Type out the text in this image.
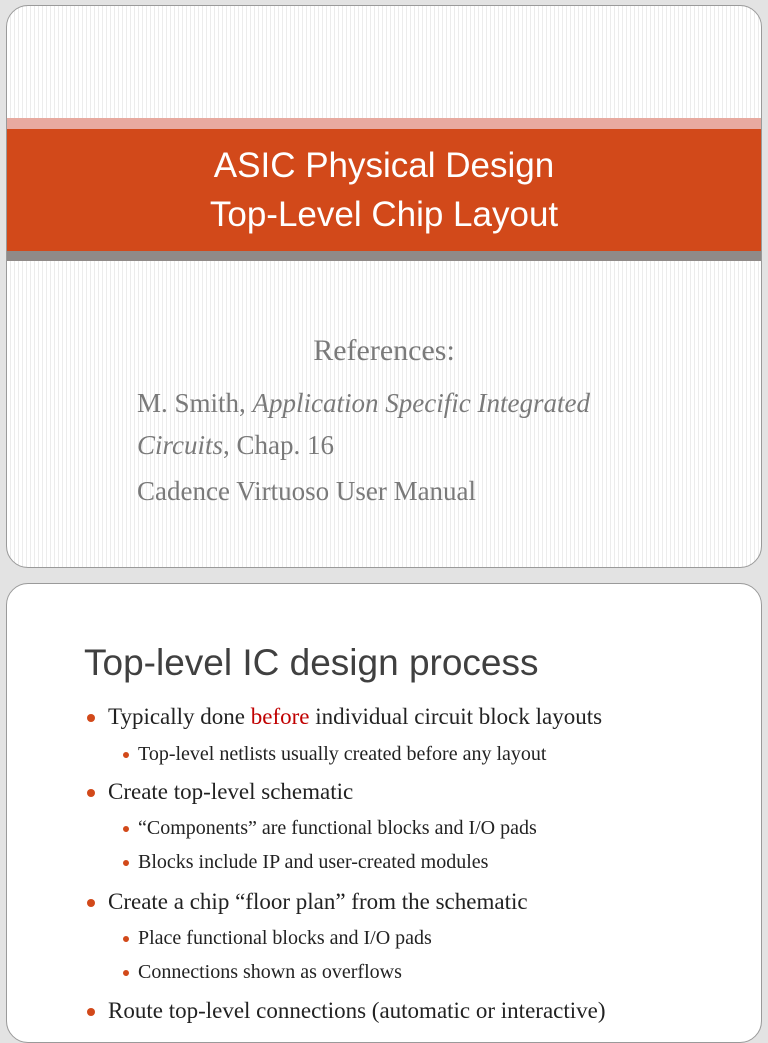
ASIC Physical Design
Top-Level Chip Layout
References:
M. Smith, Application Specific Integrated
Circuits, Chap. 16
Cadence Virtuoso User Manual
Top-level IC design process
Typically done before individual circuit block layouts
Top-level netlists usually created before any layout
Create top-level schematic
“Components” are functional blocks and I/O pads
Blocks include IP and user-created modules
Create a chip “floor plan” from the schematic
Place functional blocks and I/O pads
Connections shown as overflows
Route top-level connections (automatic or interactive)
